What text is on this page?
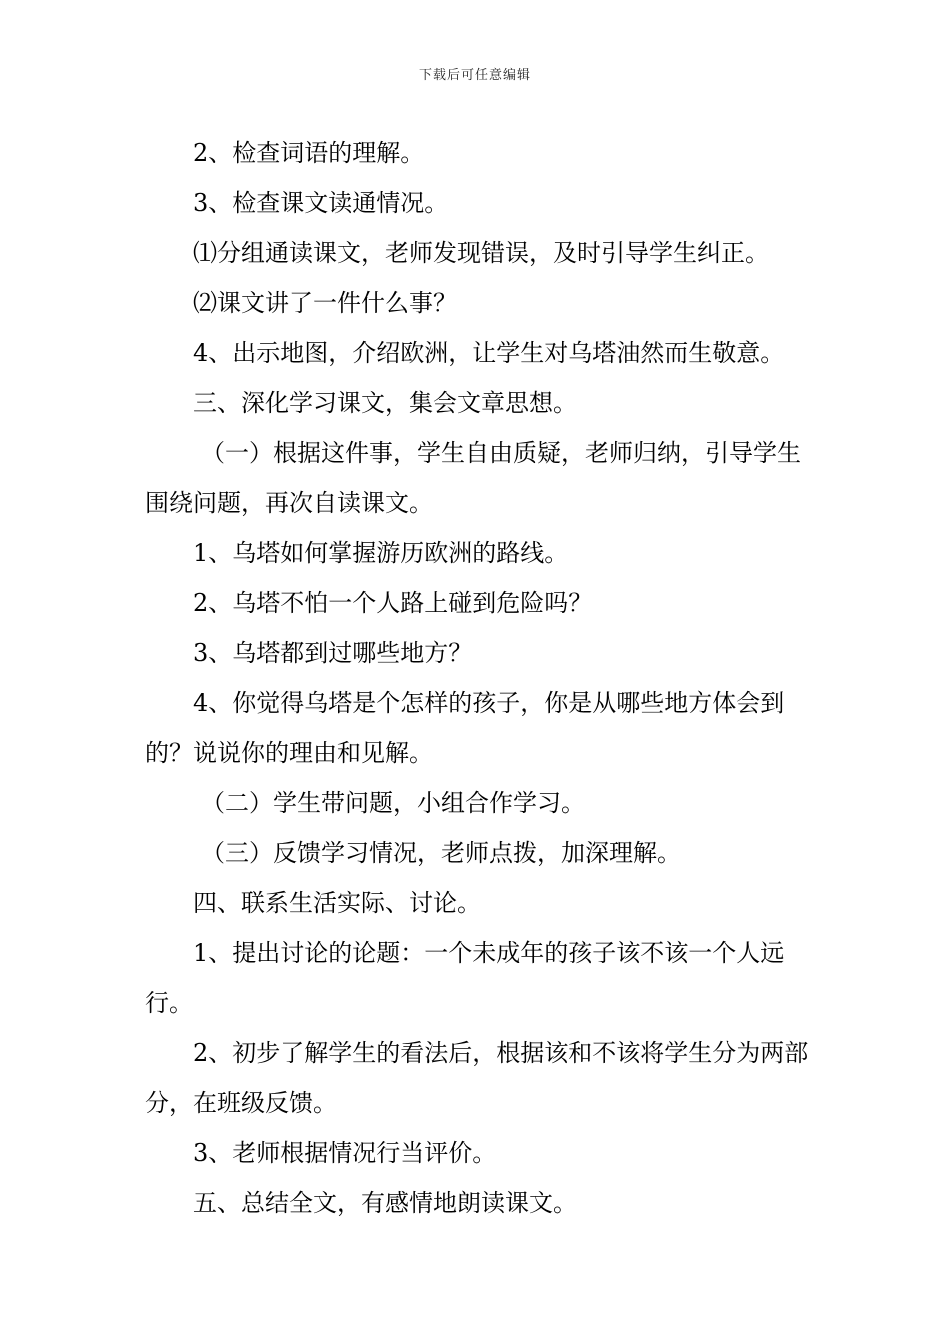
下载后可任意编辑

2、检查词语的理解。

3、检查课文读通情况。

⑴分组通读课文，老师发现错误，及时引导学生纠正。

⑵课文讲了一件什么事？

4、出示地图，介绍欧洲，让学生对乌塔油然而生敬意。

三、深化学习课文，集会文章思想。

（一）根据这件事，学生自由质疑，老师归纳，引导学生围绕问题，再次自读课文。

1、乌塔如何掌握游历欧洲的路线。

2、乌塔不怕一个人路上碰到危险吗？

3、乌塔都到过哪些地方？

4、你觉得乌塔是个怎样的孩子，你是从哪些地方体会到的？说说你的理由和见解。

（二）学生带问题，小组合作学习。

（三）反馈学习情况，老师点拨，加深理解。

四、联系生活实际、讨论。

1、提出讨论的论题：一个未成年的孩子该不该一个人远行。

2、初步了解学生的看法后，根据该和不该将学生分为两部分，在班级反馈。

3、老师根据情况行当评价。

五、总结全文，有感情地朗读课文。
